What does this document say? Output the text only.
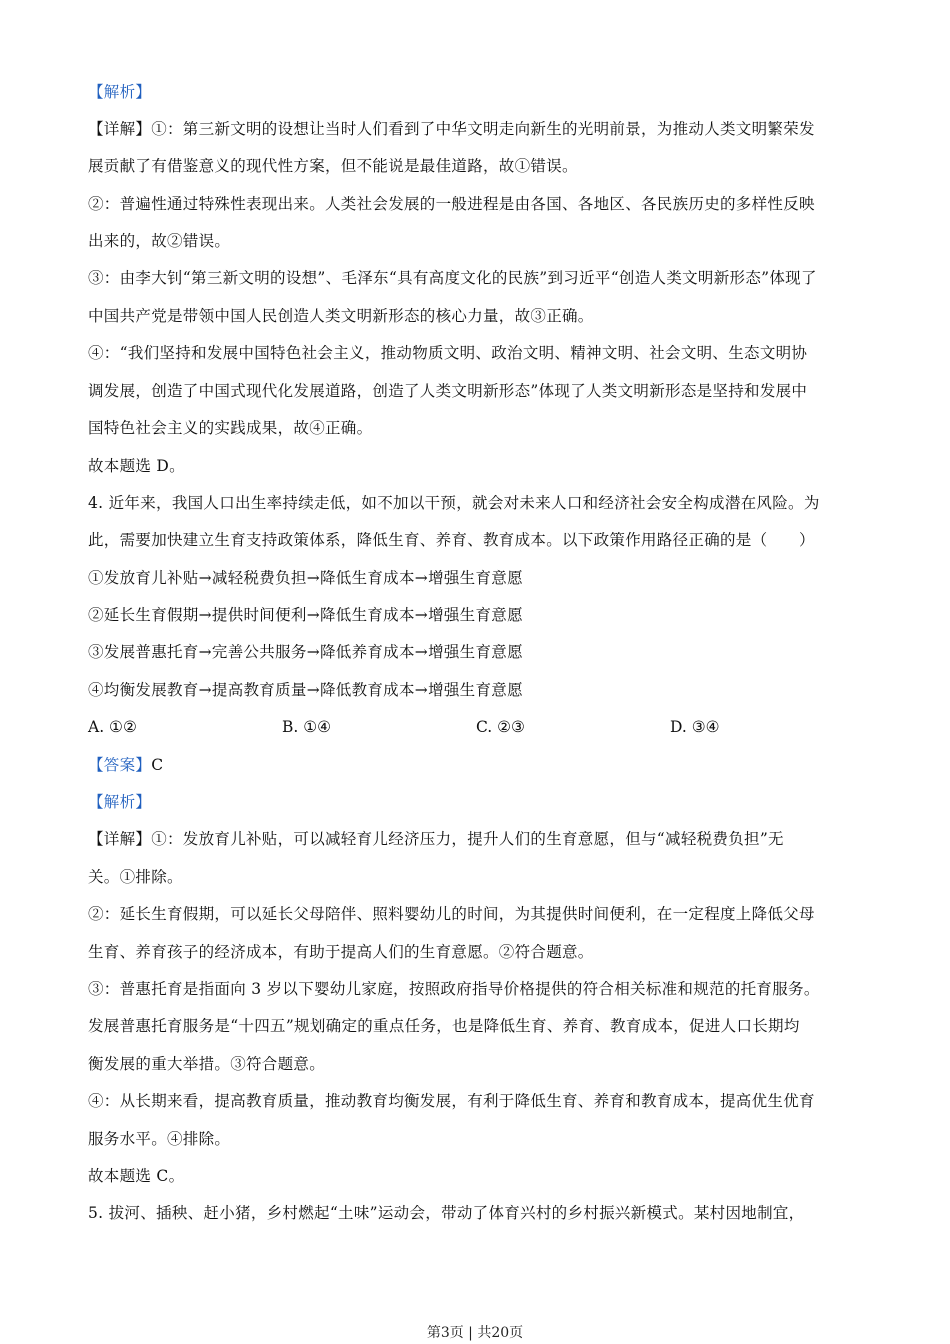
【解析】
【详解】①：第三新文明的设想让当时人们看到了中华文明走向新生的光明前景，为推动人类文明繁荣发
展贡献了有借鉴意义的现代性方案，但不能说是最佳道路，故①错误。
②：普遍性通过特殊性表现出来。人类社会发展的一般进程是由各国、各地区、各民族历史的多样性反映
出来的，故②错误。
③：由李大钊“第三新文明的设想”、毛泽东“具有高度文化的民族”到习近平“创造人类文明新形态”体现了
中国共产党是带领中国人民创造人类文明新形态的核心力量，故③正确。
④：“我们坚持和发展中国特色社会主义，推动物质文明、政治文明、精神文明、社会文明、生态文明协
调发展，创造了中国式现代化发展道路，创造了人类文明新形态”体现了人类文明新形态是坚持和发展中
国特色社会主义的实践成果，故④正确。
故本题选 D。
4. 近年来，我国人口出生率持续走低，如不加以干预，就会对未来人口和经济社会安全构成潜在风险。为
此，需要加快建立生育支持政策体系，降低生育、养育、教育成本。以下政策作用路径正确的是（　　）
①发放育儿补贴→减轻税费负担→降低生育成本→增强生育意愿
②延长生育假期→提供时间便利→降低生育成本→增强生育意愿
③发展普惠托育→完善公共服务→降低养育成本→增强生育意愿
④均衡发展教育→提高教育质量→降低教育成本→增强生育意愿
A. ①②	B. ①④	C. ②③	D. ③④
【答案】C
【解析】
【详解】①：发放育儿补贴，可以减轻育儿经济压力，提升人们的生育意愿，但与“减轻税费负担”无
关。①排除。
②：延长生育假期，可以延长父母陪伴、照料婴幼儿的时间，为其提供时间便利，在一定程度上降低父母
生育、养育孩子的经济成本，有助于提高人们的生育意愿。②符合题意。
③：普惠托育是指面向 3 岁以下婴幼儿家庭，按照政府指导价格提供的符合相关标准和规范的托育服务。
发展普惠托育服务是“十四五”规划确定的重点任务，也是降低生育、养育、教育成本，促进人口长期均
衡发展的重大举措。③符合题意。
④：从长期来看，提高教育质量，推动教育均衡发展，有利于降低生育、养育和教育成本，提高优生优育
服务水平。④排除。
故本题选 C。
5. 拔河、插秧、赶小猪，乡村燃起“土味”运动会，带动了体育兴村的乡村振兴新模式。某村因地制宜，
第3页 | 共20页
